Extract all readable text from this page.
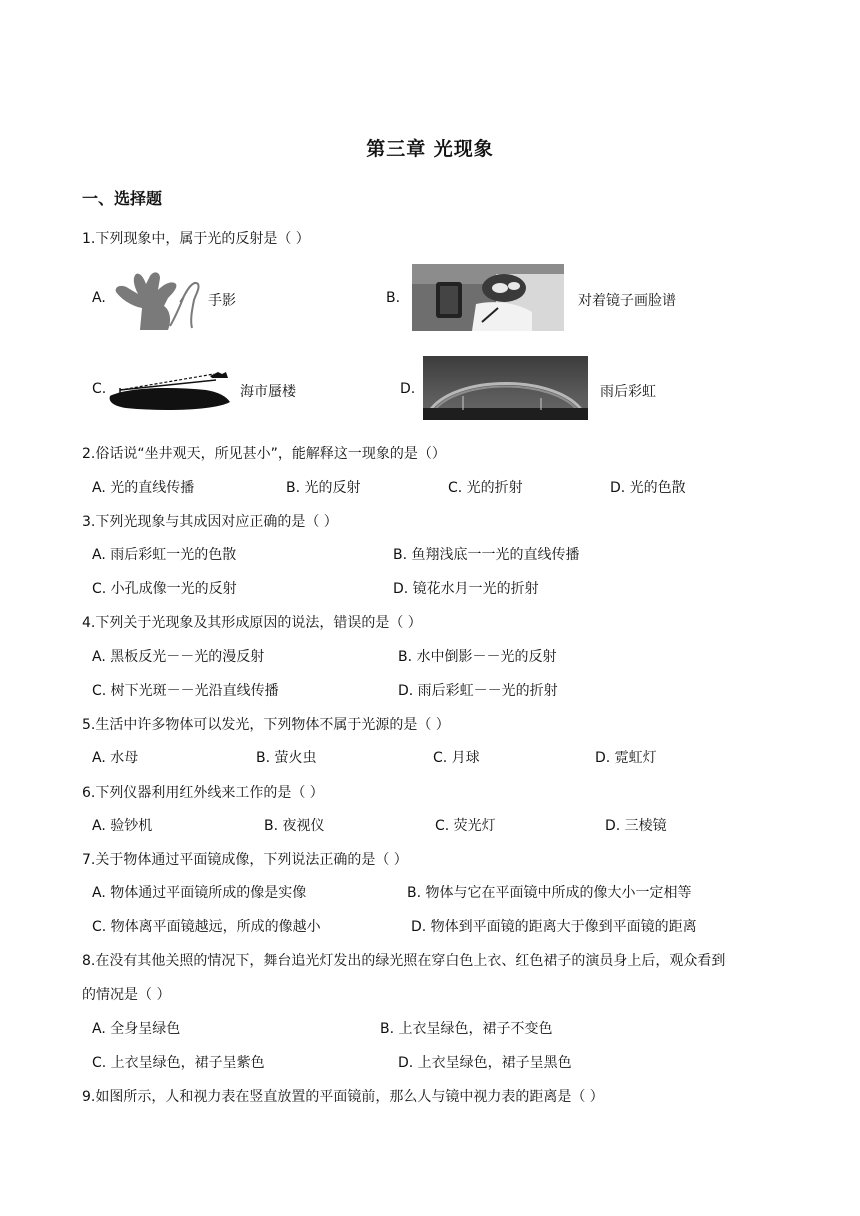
第三章 光现象
一、选择题
1.下列现象中，属于光的反射是（ ）
A.	手影	B.	对着镜子画脸谱
C.	海市蜃楼	D.	雨后彩虹
2.俗话说“坐井观天，所见甚小”，能解释这一现象的是（）
A. 光的直线传播	B. 光的反射	C. 光的折射	D. 光的色散
3.下列光现象与其成因对应正确的是（ ）
A. 雨后彩虹一光的色散	B. 鱼翔浅底一一光的直线传播
C. 小孔成像一光的反射	D. 镜花水月一光的折射
4.下列关于光现象及其形成原因的说法，错误的是（ ）
A. 黑板反光－－光的漫反射	B. 水中倒影－－光的反射
C. 树下光斑－－光沿直线传播	D. 雨后彩虹－－光的折射
5.生活中许多物体可以发光，下列物体不属于光源的是（ ）
A. 水母	B. 萤火虫	C. 月球	D. 霓虹灯
6.下列仪器利用红外线来工作的是（ ）
A. 验钞机	B. 夜视仪	C. 荧光灯	D. 三棱镜
7.关于物体通过平面镜成像，下列说法正确的是（ ）
A. 物体通过平面镜所成的像是实像	B. 物体与它在平面镜中所成的像大小一定相等
C. 物体离平面镜越远，所成的像越小	D. 物体到平面镜的距离大于像到平面镜的距离
8.在没有其他关照的情况下，舞台追光灯发出的绿光照在穿白色上衣、红色裙子的演员身上后，观众看到
的情况是（ ）
A. 全身呈绿色	B. 上衣呈绿色，裙子不变色
C. 上衣呈绿色，裙子呈紫色	D. 上衣呈绿色，裙子呈黑色
9.如图所示，人和视力表在竖直放置的平面镜前，那么人与镜中视力表的距离是（ ）
